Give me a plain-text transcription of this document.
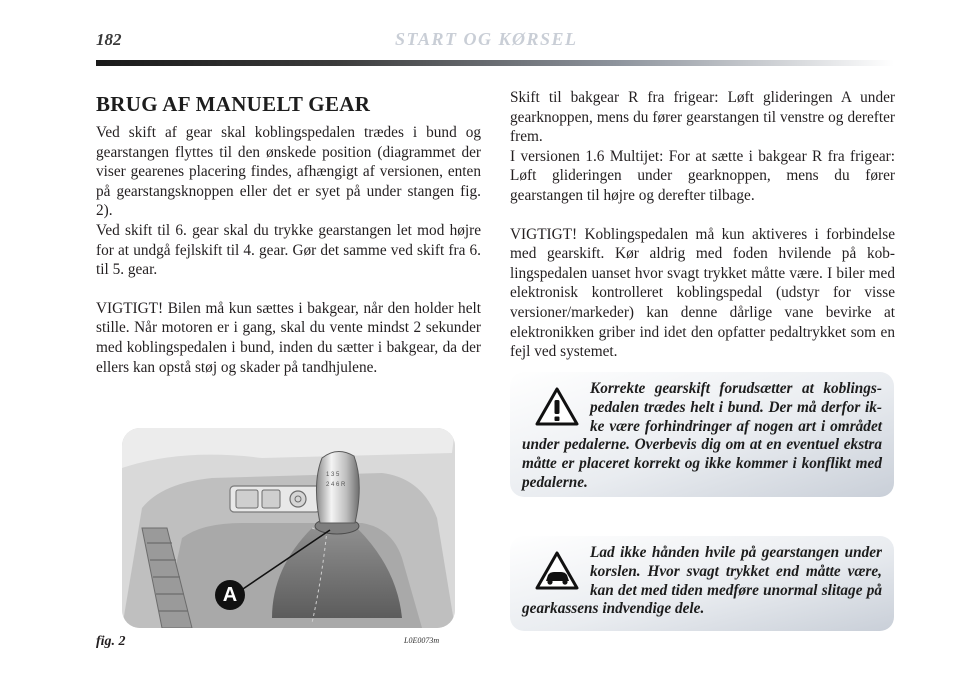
182	START OG KØRSEL
BRUG AF MANUELT GEAR

Ved skift af gear skal koblingspedalen trædes i bund og gearstangen flyttes til den ønskede position (diagrammet der viser gearenes placering findes, afhængigt af versionen, enten på gearstangsknoppen eller det er syet på under stangen fig. 2).

Ved skift til 6. gear skal du trykke gearstangen let mod højre for at undgå fejlskift til 4. gear. Gør det samme ved skift fra 6. til 5. gear.

VIGTIGT! Bilen må kun sættes i bakgear, når den holder helt stille. Når motoren er i gang, skal du vente mindst 2 sekunder med koblingspedalen i bund, inden du sætter i bakgear, da der ellers kan opstå støj og skader på tandhjulene.

1 3 5
2 4 6 R
A
fig. 2	L0E0073m

Skift til bakgear R fra frigear: Løft glideringen A under gearknoppen, mens du fører gearstangen til venstre og derefter frem.

I versionen 1.6 Multijet: For at sætte i bakgear R fra frigear: Løft glideringen under gearknoppen, mens du fører gearstangen til højre og derefter tilbage.

VIGTIGT! Koblingspedalen må kun aktiveres i forbindelse med gearskift. Kør aldrig med foden hvilende på koblingspedalen uanset hvor svagt trykket måtte være. I biler med elektronisk kontrolleret koblingspedal (udstyr for visse versioner/markeder) kan denne dårlige vane bevirke at elektronikken griber ind idet den opfatter pedaltrykket som en fejl ved systemet.

Korrekte gearskift forudsætter at koblingspedalen trædes helt i bund. Der må derfor ikke være forhindringer af nogen art i området under pedalerne. Overbevis dig om at en eventuel ekstra måtte er placeret korrekt og ikke kommer i konflikt med pedalerne.

Lad ikke hånden hvile på gearstangen under korslen. Hvor svagt trykket end måtte være, kan det med tiden medføre unormal slitage på gearkassens indvendige dele.
